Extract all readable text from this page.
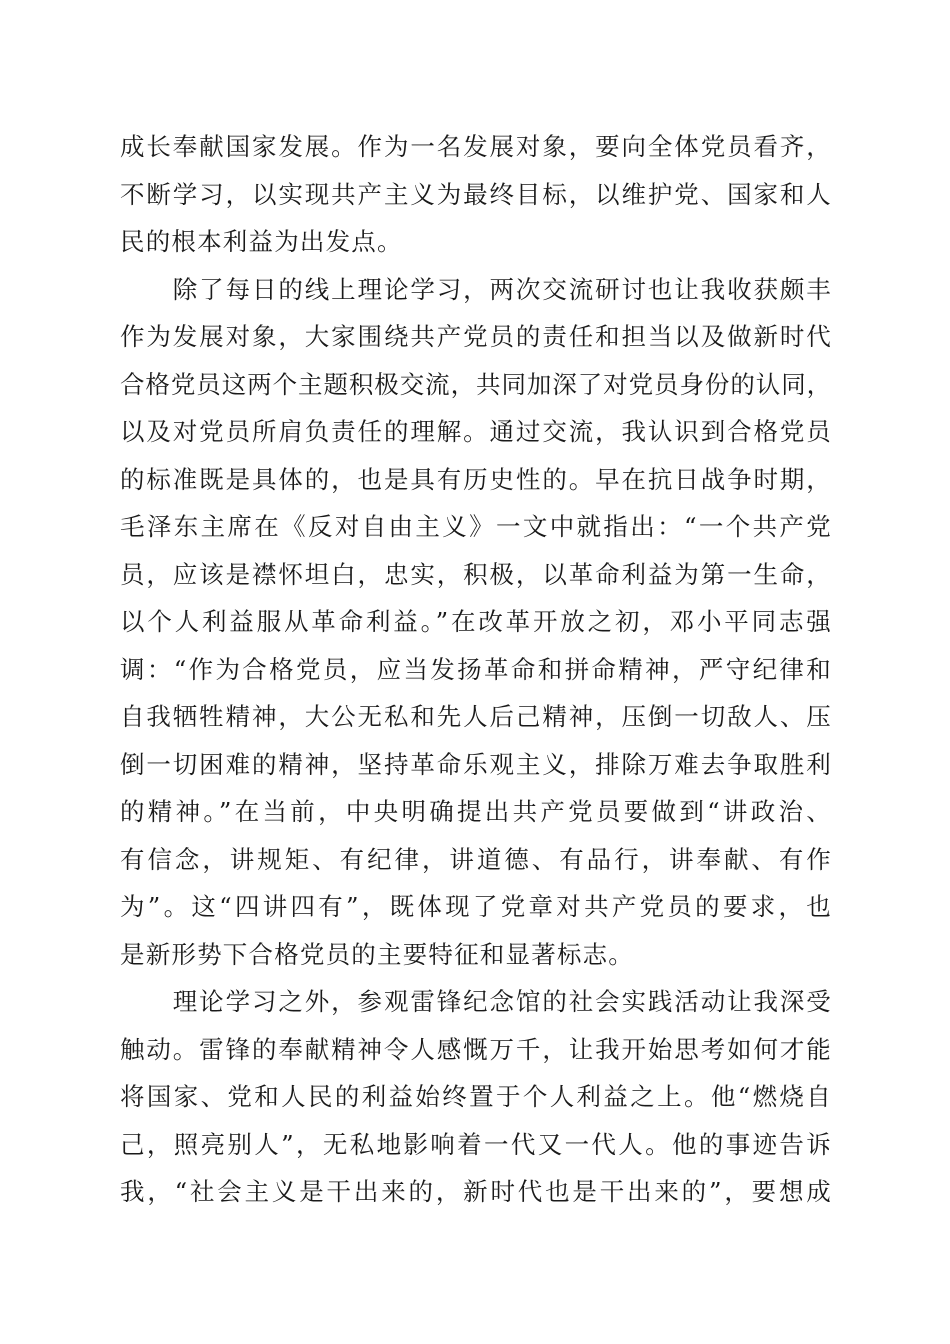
成长奉献国家发展。作为一名发展对象，要向全体党员看齐，
不断学习，以实现共产主义为最终目标，以维护党、国家和人
民的根本利益为出发点。
　　除了每日的线上理论学习，两次交流研讨也让我收获颇丰
作为发展对象，大家围绕共产党员的责任和担当以及做新时代
合格党员这两个主题积极交流，共同加深了对党员身份的认同，
以及对党员所肩负责任的理解。通过交流，我认识到合格党员
的标准既是具体的，也是具有历史性的。早在抗日战争时期，
毛泽东主席在《反对自由主义》一文中就指出：“一个共产党
员，应该是襟怀坦白，忠实，积极，以革命利益为第一生命，
以个人利益服从革命利益。”在改革开放之初，邓小平同志强
调：“作为合格党员，应当发扬革命和拼命精神，严守纪律和
自我牺牲精神，大公无私和先人后己精神，压倒一切敌人、压
倒一切困难的精神，坚持革命乐观主义，排除万难去争取胜利
的精神。”在当前，中央明确提出共产党员要做到“讲政治、
有信念，讲规矩、有纪律，讲道德、有品行，讲奉献、有作
为”。这“四讲四有”，既体现了党章对共产党员的要求，也
是新形势下合格党员的主要特征和显著标志。
　　理论学习之外，参观雷锋纪念馆的社会实践活动让我深受
触动。雷锋的奉献精神令人感慨万千，让我开始思考如何才能
将国家、党和人民的利益始终置于个人利益之上。他“燃烧自
己，照亮别人”，无私地影响着一代又一代人。他的事迹告诉
我，“社会主义是干出来的，新时代也是干出来的”，要想成
